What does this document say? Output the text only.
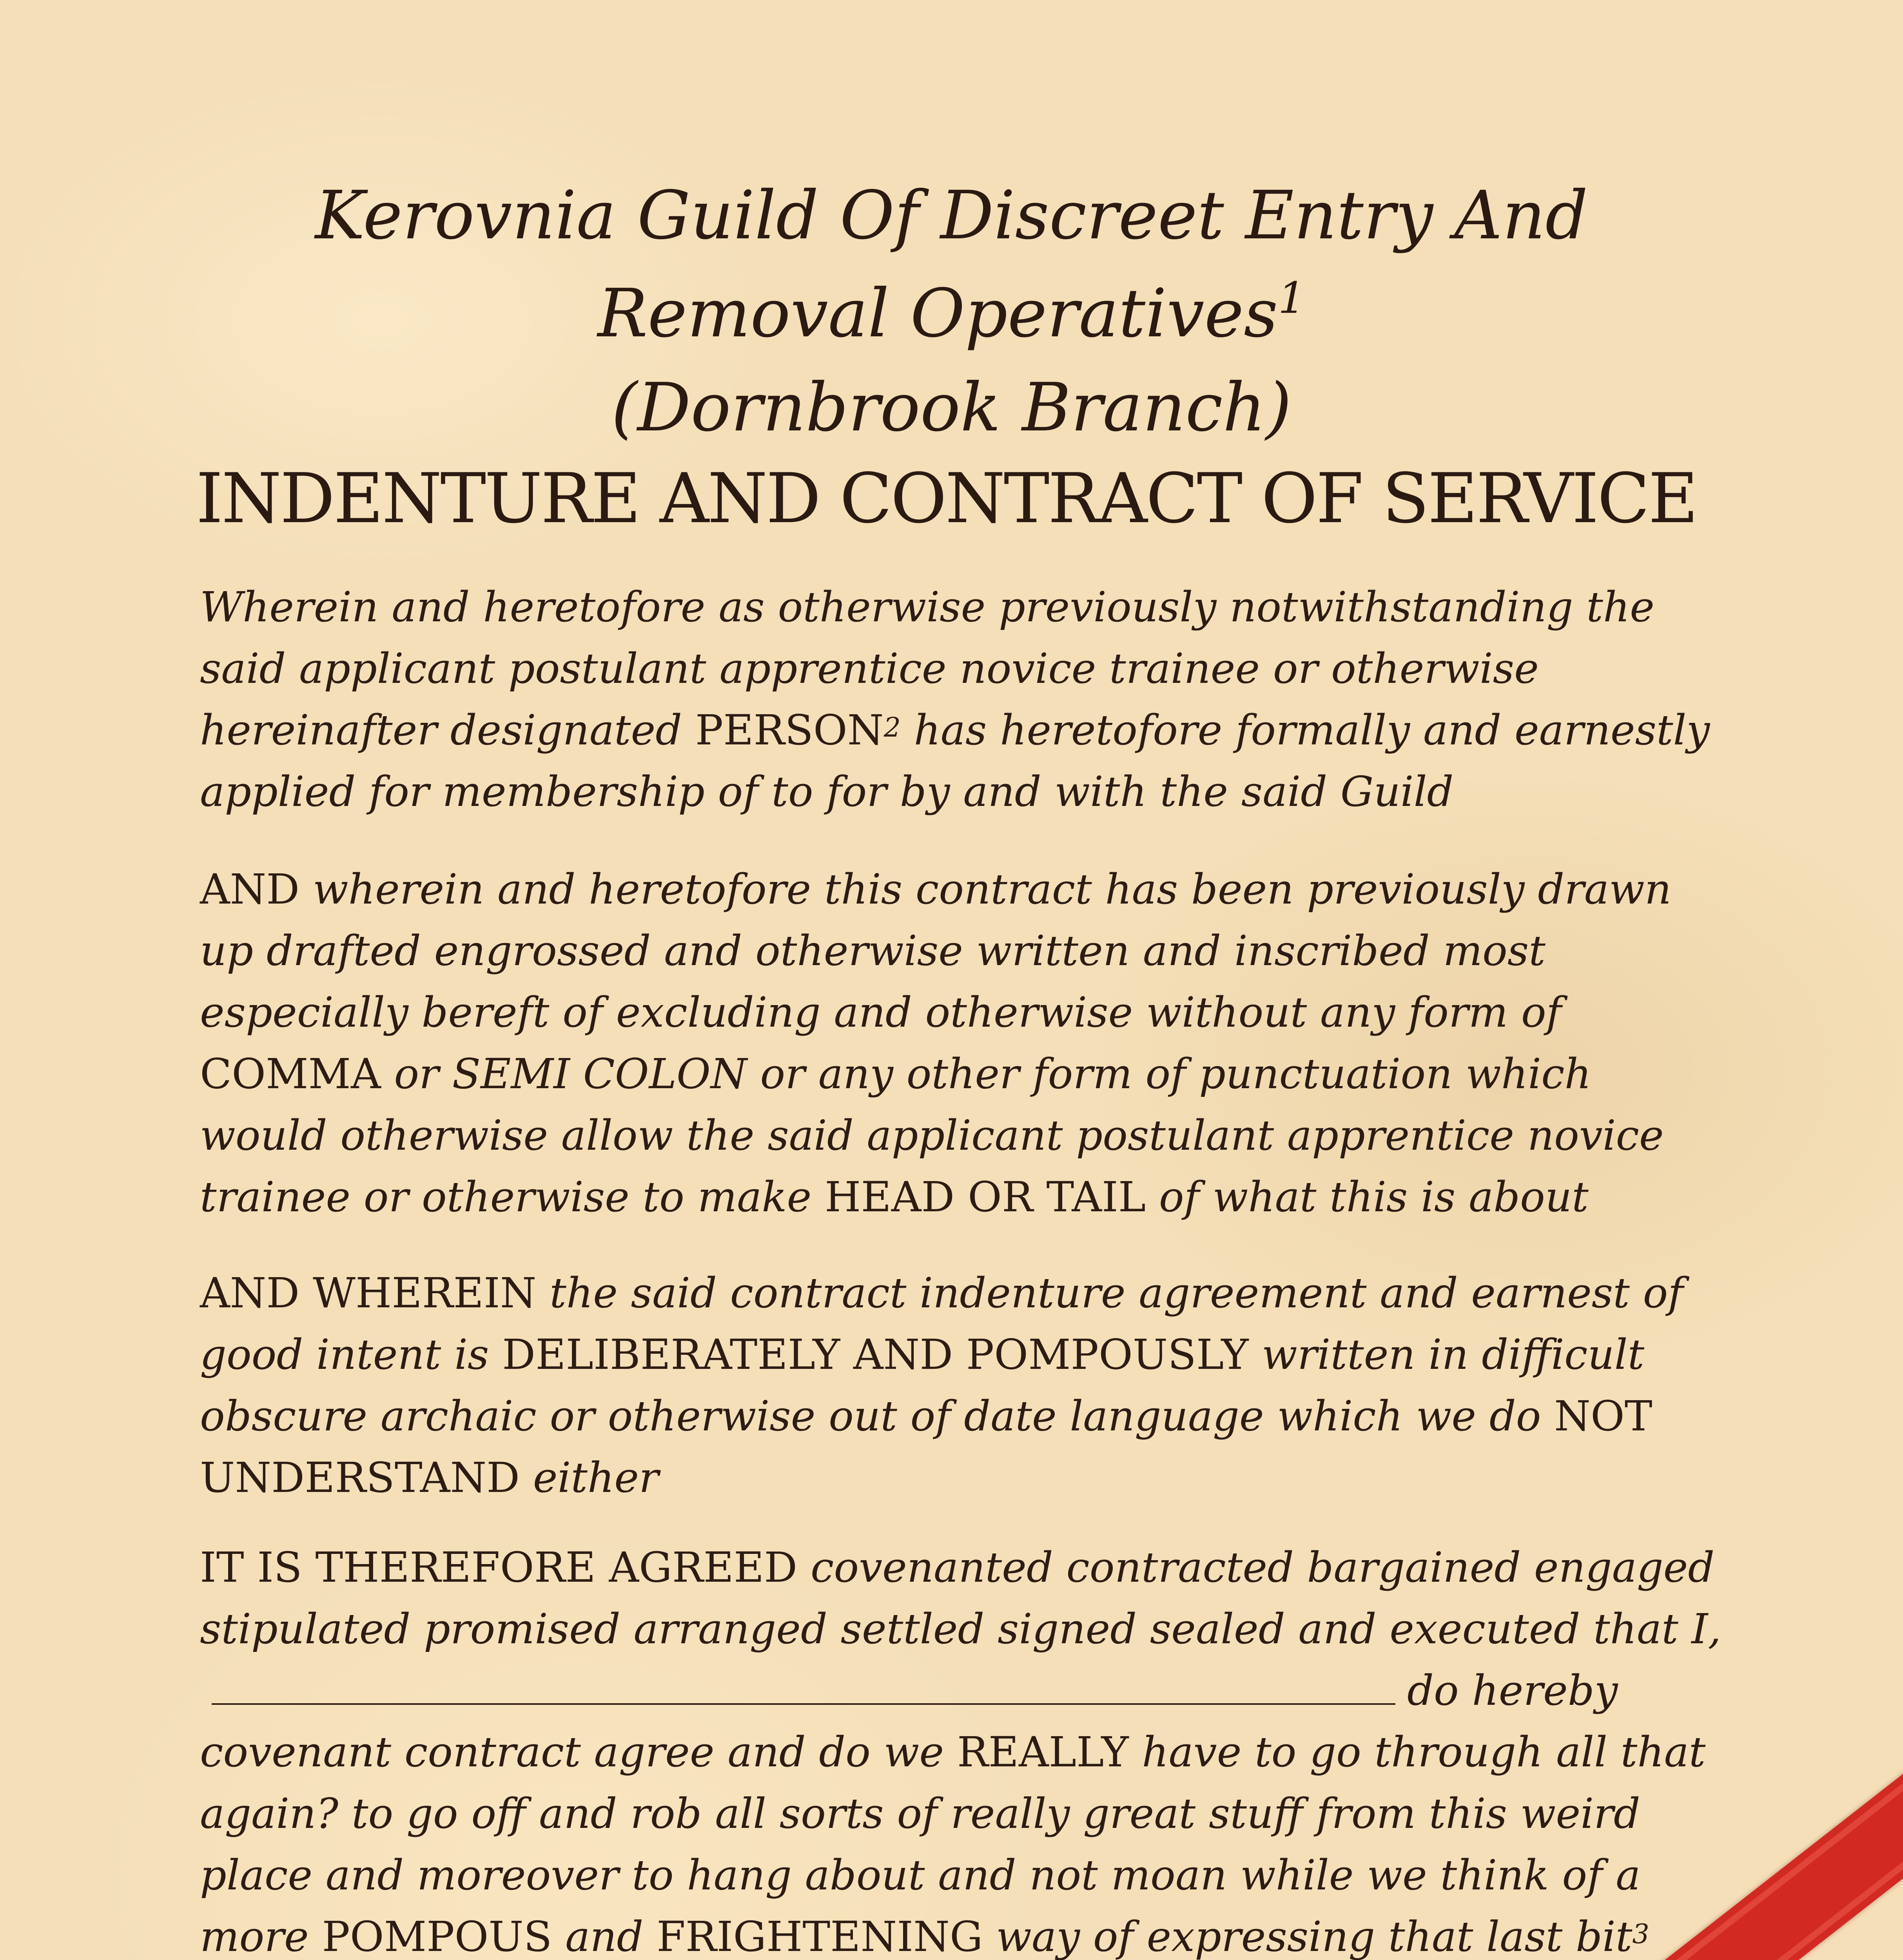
Kerovnia Guild Of Discreet Entry And
Removal Operatives$^1$
(Dornbrook Branch)
INDENTURE AND CONTRACT OF SERVICE
Wherein and heretofore as otherwise previously notwithstanding the said applicant postulant apprentice novice trainee or otherwise hereinafter designated PERSON$^2$ has heretofore formally and earnestly applied for membership of to for by and with the said Guild
AND wherein and heretofore this contract has been previously drawn up drafted engrossed and otherwise written and inscribed most especially bereft of excluding and otherwise without any form of COMMA or SEMI COLON or any other form of punctuation which would otherwise allow the said applicant postulant apprentice novice trainee or otherwise to make HEAD OR TAIL of what this is about
AND WHEREIN the said contract indenture agreement and earnest of good intent is DELIBERATELY AND POMPOUSLY written in difficult obscure archaic or otherwise out of date language which we do NOT UNDERSTAND either
IT IS THEREFORE AGREED covenanted contracted bargained engaged stipulated promised arranged settled signed sealed and executed that I,do hereby covenant contract agree and do we REALLY have to go through all that again? to go off and rob all sorts of really great stuff from this weird place and moreover to hang about and not moan while we think of a more POMPOUS and FRIGHTENING way of expressing that last bit$^3$
